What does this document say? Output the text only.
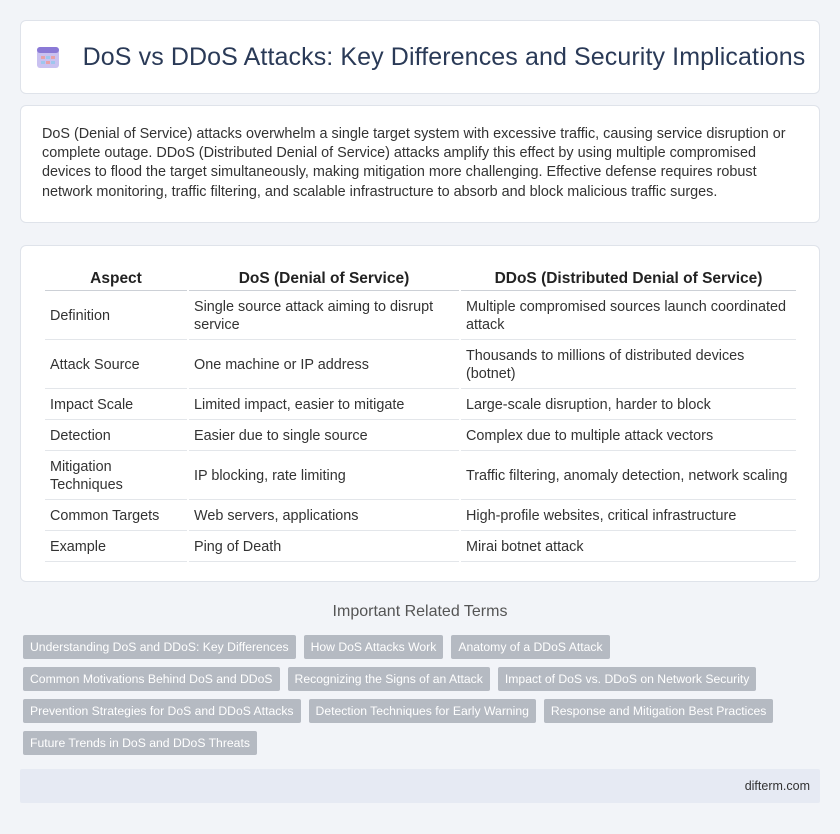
DoS vs DDoS Attacks: Key Differences and Security Implications
DoS (Denial of Service) attacks overwhelm a single target system with excessive traffic, causing service disruption or complete outage. DDoS (Distributed Denial of Service) attacks amplify this effect by using multiple compromised devices to flood the target simultaneously, making mitigation more challenging. Effective defense requires robust network monitoring, traffic filtering, and scalable infrastructure to absorb and block malicious traffic surges.
Aspect	DoS (Denial of Service)	DDoS (Distributed Denial of Service)
Definition	Single source attack aiming to disrupt service	Multiple compromised sources launch coordinated attack
Attack Source	One machine or IP address	Thousands to millions of distributed devices (botnet)
Impact Scale	Limited impact, easier to mitigate	Large-scale disruption, harder to block
Detection	Easier due to single source	Complex due to multiple attack vectors
Mitigation Techniques	IP blocking, rate limiting	Traffic filtering, anomaly detection, network scaling
Common Targets	Web servers, applications	High-profile websites, critical infrastructure
Example	Ping of Death	Mirai botnet attack
Important Related Terms
Understanding DoS and DDoS: Key Differences	How DoS Attacks Work	Anatomy of a DDoS Attack
Common Motivations Behind DoS and DDoS	Recognizing the Signs of an Attack	Impact of DoS vs. DDoS on Network Security
Prevention Strategies for DoS and DDoS Attacks	Detection Techniques for Early Warning	Response and Mitigation Best Practices
Future Trends in DoS and DDoS Threats
difterm.com
